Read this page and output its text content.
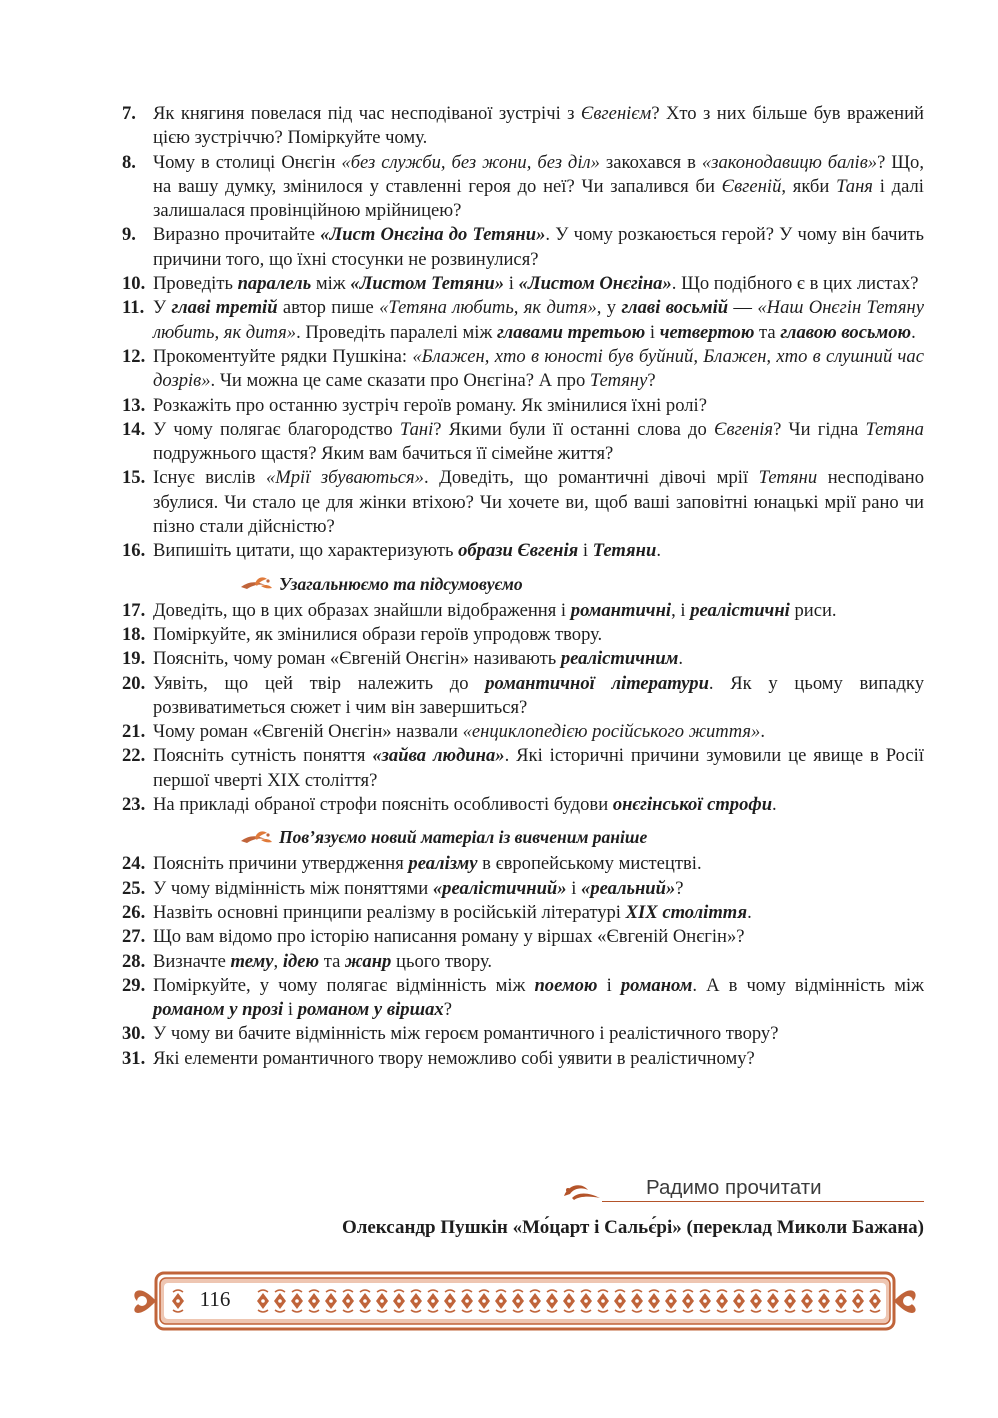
7. Як княгиня повелася під час несподіваної зустрічі з Євгенієм? Хто з них більше був вражений цією зустріччю? Поміркуйте чому.
8. Чому в столиці Онєгін «без служби, без жони, без діл» закохався в «законодавицю балів»? Що, на вашу думку, змінилося у ставленні героя до неї? Чи запалився би Євгеній, якби Таня і далі залишалася провінційною мрійницею?
9. Виразно прочитайте «Лист Онєгіна до Тетяни». У чому розкаюється герой? У чому він бачить причини того, що їхні стосунки не розвинулися?
10. Проведіть паралель між «Листом Тетяни» і «Листом Онєгіна». Що подібного є в цих листах?
11. У главі третій автор пише «Тетяна любить, як дитя», у главі восьмій — «Наш Онєгін Тетяну любить, як дитя». Проведіть паралелі між главами третьою і четвертою та главою восьмою.
12. Прокоментуйте рядки Пушкіна: «Блажен, хто в юності був буйний, Блажен, хто в слушний час дозрів». Чи можна це саме сказати про Онєгіна? А про Тетяну?
13. Розкажіть про останню зустріч героїв роману. Як змінилися їхні ролі?
14. У чому полягає благородство Тані? Якими були її останні слова до Євгенія? Чи гідна Тетяна подружнього щастя? Яким вам бачиться її сімейне життя?
15. Існує вислів «Мрії збуваються». Доведіть, що романтичні дівочі мрії Тетяни несподівано збулися. Чи стало це для жінки втіхою? Чи хочете ви, щоб ваші заповітні юнацькі мрії рано чи пізно стали дійсністю?
16. Випишіть цитати, що характеризують образи Євгенія і Тетяни.
Узагальнюємо та підсумовуємо
17. Доведіть, що в цих образах знайшли відображення і романтичні, і реалістичні риси.
18. Поміркуйте, як змінилися образи героїв упродовж твору.
19. Поясніть, чому роман «Євгеній Онєгін» називають реалістичним.
20. Уявіть, що цей твір належить до романтичної літератури. Як у цьому випадку розвиватиметься сюжет і чим він завершиться?
21. Чому роман «Євгеній Онєгін» назвали «енциклопедією російського життя».
22. Поясніть сутність поняття «зайва людина». Які історичні причини зумовили це явище в Росії першої чверті XIX століття?
23. На прикладі обраної строфи поясніть особливості будови онєгінської строфи.
Пов’язуємо новий матеріал із вивченим раніше
24. Поясніть причини утвердження реалізму в європейському мистецтві.
25. У чому відмінність між поняттями «реалістичний» і «реальний»?
26. Назвіть основні принципи реалізму в російській літературі XIX століття.
27. Що вам відомо про історію написання роману у віршах «Євгеній Онєгін»?
28. Визначте тему, ідею та жанр цього твору.
29. Поміркуйте, у чому полягає відмінність між поемою і романом. А в чому відмінність між романом у прозі і романом у віршах?
30. У чому ви бачите відмінність між героєм романтичного і реалістичного твору?
31. Які елементи романтичного твору неможливо собі уявити в реалістичному?
Радимо прочитати
Олександр Пушкін «Мо́царт і Сальє́рі» (переклад Миколи Бажана)
116
